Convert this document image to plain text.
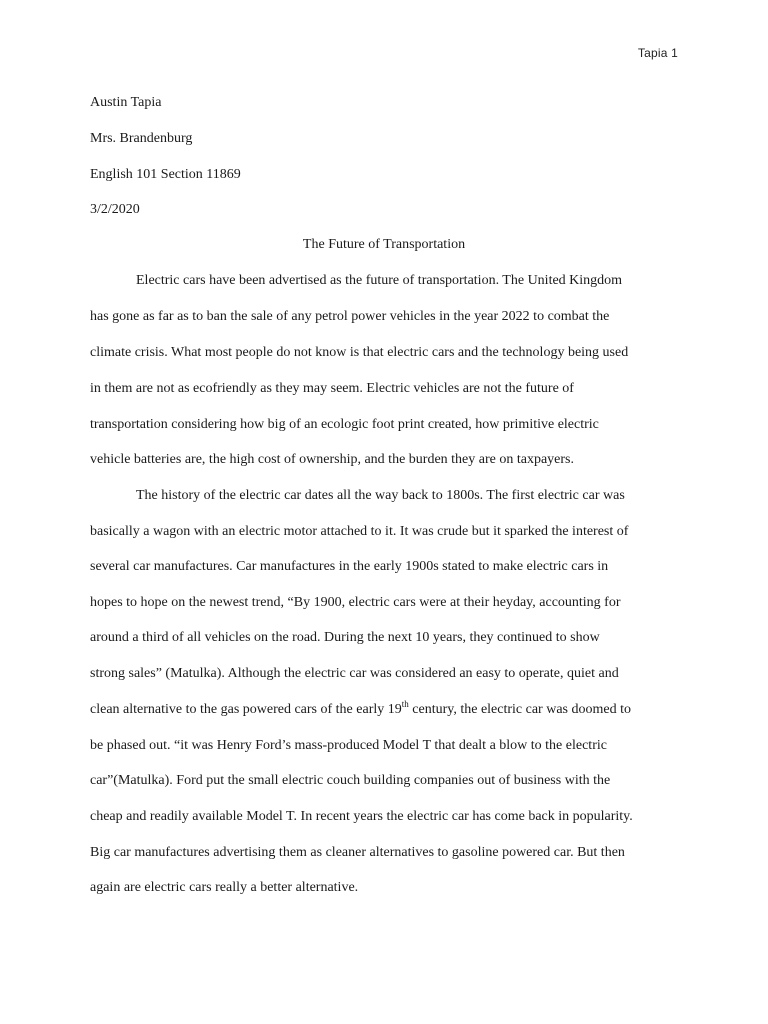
Tapia 1
Austin Tapia
Mrs. Brandenburg
English 101 Section 11869
3/2/2020
The Future of Transportation
Electric cars have been advertised as the future of transportation. The United Kingdom
has gone as far as to ban the sale of any petrol power vehicles in the year 2022 to combat the
climate crisis. What most people do not know is that electric cars and the technology being used
in them are not as ecofriendly as they may seem. Electric vehicles are not the future of
transportation considering how big of an ecologic foot print created, how primitive electric
vehicle batteries are, the high cost of ownership, and the burden they are on taxpayers.
The history of the electric car dates all the way back to 1800s. The first electric car was
basically a wagon with an electric motor attached to it. It was crude but it sparked the interest of
several car manufactures. Car manufactures in the early 1900s stated to make electric cars in
hopes to hope on the newest trend, “By 1900, electric cars were at their heyday, accounting for
around a third of all vehicles on the road. During the next 10 years, they continued to show
strong sales” (Matulka). Although the electric car was considered an easy to operate, quiet and
clean alternative to the gas powered cars of the early 19th century, the electric car was doomed to
be phased out. “it was Henry Ford’s mass-produced Model T that dealt a blow to the electric
car”(Matulka). Ford put the small electric couch building companies out of business with the
cheap and readily available Model T. In recent years the electric car has come back in popularity.
Big car manufactures advertising them as cleaner alternatives to gasoline powered car. But then
again are electric cars really a better alternative.
